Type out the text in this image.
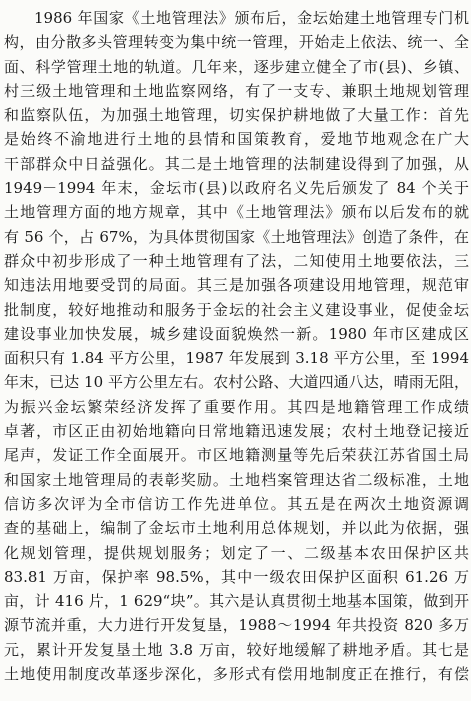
1986 年国家《土地管理法》颁布后，金坛始建土地管理专门机
构，由分散多头管理转变为集中统一管理，开始走上依法、统一、全
面、科学管理土地的轨道。几年来，逐步建立健全了市(县)、乡镇、
村三级土地管理和土地监察网络，有了一支专、兼职土地规划管理
和监察队伍，为加强土地管理，切实保护耕地做了大量工作：首先
是始终不渝地进行土地的县情和国策教育，爱地节地观念在广大
干部群众中日益强化。其二是土地管理的法制建设得到了加强，从
1949－1994 年末，金坛市(县)以政府名义先后颁发了 84 个关于
土地管理方面的地方规章，其中《土地管理法》颁布以后发布的就
有 56 个，占 67%，为具体贯彻国家《土地管理法》创造了条件，在
群众中初步形成了一种土地管理有了法，二知使用土地要依法，三
知违法用地要受罚的局面。其三是加强各项建设用地管理，规范审
批制度，较好地推动和服务于金坛的社会主义建设事业，促使金坛
建设事业加快发展，城乡建设面貌焕然一新。1980 年市区建成区
面积只有 1.84 平方公里，1987 年发展到 3.18 平方公里，至 1994
年末，已达 10 平方公里左右。农村公路、大道四通八达，晴雨无阻，
为振兴金坛繁荣经济发挥了重要作用。其四是地籍管理工作成绩
卓著，市区正由初始地籍向日常地籍迅速发展；农村土地登记接近
尾声，发证工作全面展开。市区地籍测量等先后荣获江苏省国土局
和国家土地管理局的表彰奖励。土地档案管理达省二级标准，土地
信访多次评为全市信访工作先进单位。其五是在两次土地资源调
查的基础上，编制了金坛市土地利用总体规划，并以此为依据，强
化规划管理，提供规划服务；划定了一、二级基本农田保护区共
83.81 万亩，保护率 98.5%，其中一级农田保护区面积 61.26 万
亩，计 416 片，1 629“块”。其六是认真贯彻土地基本国策，做到开
源节流并重，大力进行开发复垦，1988～1994 年共投资 820 多万
元，累计开发复垦土地 3.8 万亩，较好地缓解了耕地矛盾。其七是
土地使用制度改革逐步深化，多形式有偿用地制度正在推行，有偿
